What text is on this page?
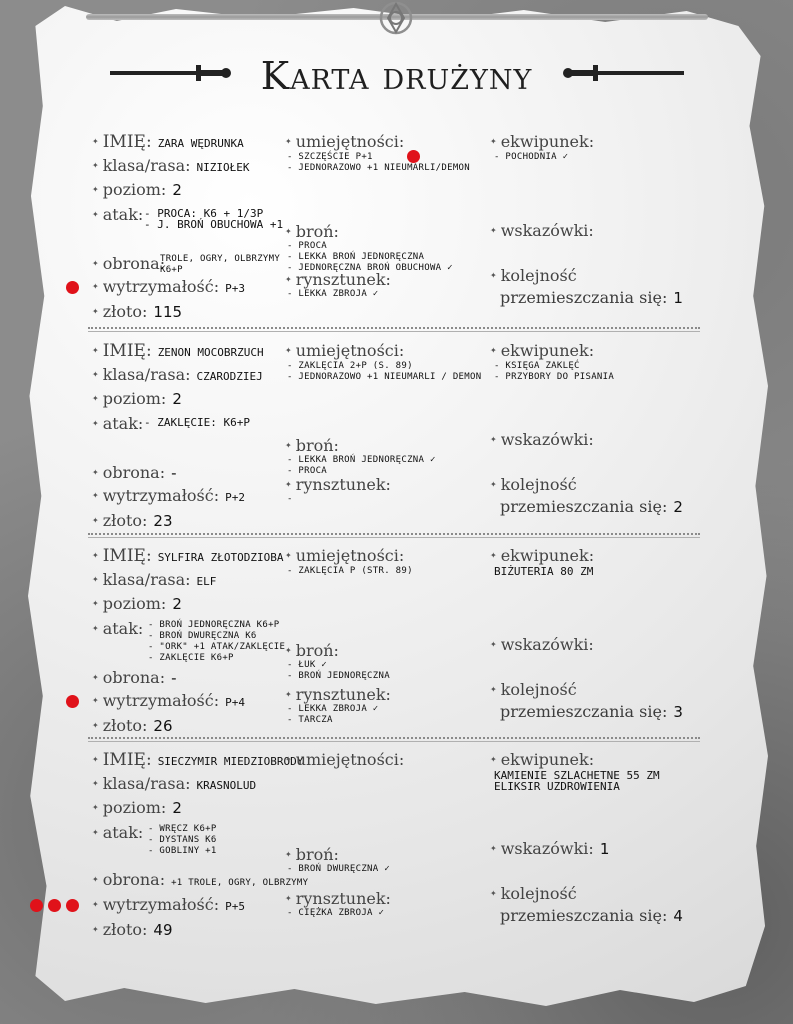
Karta drużyny
✦ IMIĘ: ZARA WĘDRUNKA
✦ klasa/rasa: NIZIOŁEK
✦ poziom: 2
✦ atak: - PROCA: K6 + 1/3P
- J. BROŃ OBUCHOWA +1
✦ obrona:
TROLE, OGRY, OLBRZYMY
K6+P
✦ wytrzymałość: P+3
✦ złoto: 115
✦ umiejętności:
- SZCZĘŚCIE P+1
- JEDNORAZOWO +1 NIEUMARLI/DEMON
✦ broń:
- PROCA
- LEKKA BROŃ JEDNORĘCZNA
- JEDNORĘCZNA BROŃ OBUCHOWA ✓
✦ rynsztunek:
- LEKKA ZBROJA ✓
✦ ekwipunek:
- POCHODNIA ✓
✦ wskazówki:
✦ kolejność
przemieszczania się: 1
✦ IMIĘ: ZENON MOCOBRZUCH
✦ klasa/rasa: CZARODZIEJ
✦ poziom: 2
✦ atak: - ZAKLĘCIE: K6+P
✦ obrona: -
✦ wytrzymałość: P+2
✦ złoto: 23
✦ umiejętności:
- ZAKLĘCIA 2+P (S. 89)
- JEDNORAZOWO +1 NIEUMARLI / DEMON
✦ broń:
- LEKKA BROŃ JEDNORĘCZNA ✓
- PROCA
✦ rynsztunek:
-
✦ ekwipunek:
- KSIĘGA ZAKLĘĆ
- PRZYBORY DO PISANIA
✦ wskazówki:
✦ kolejność
przemieszczania się: 2
✦ IMIĘ: SYLFIRA ZŁOTODZIOBA
✦ klasa/rasa: ELF
✦ poziom: 2
✦ atak: - BROŃ JEDNORĘCZNA K6+P
- BROŃ DWURĘCZNA K6
- "ORK" +1 ATAK/ZAKLĘCIE
- ZAKLĘCIE K6+P
✦ obrona: -
✦ wytrzymałość: P+4
✦ złoto: 26
✦ umiejętności:
- ZAKLĘCIA P (STR. 89)
✦ broń:
- ŁUK ✓
- BROŃ JEDNORĘCZNA
✦ rynsztunek:
- LEKKA ZBROJA ✓
- TARCZA
✦ ekwipunek:
BIŻUTERIA 80 ZM
✦ wskazówki:
✦ kolejność
przemieszczania się: 3
✦ IMIĘ: SIECZYMIR MIEDZIOBRODY
✦ klasa/rasa: KRASNOLUD
✦ poziom: 2
✦ atak: - WRĘCZ K6+P
- DYSTANS K6
- GOBLINY +1
✦ obrona: +1 TROLE, OGRY, OLBRZYMY
✦ wytrzymałość: P+5
✦ złoto: 49
✦ umiejętności:
✦ broń:
- BROŃ DWURĘCZNA ✓
✦ rynsztunek:
- CIĘŻKA ZBROJA ✓
✦ ekwipunek:
KAMIENIE SZLACHETNE 55 ZM
ELIKSIR UZDROWIENIA
✦ wskazówki: 1
✦ kolejność
przemieszczania się: 4
